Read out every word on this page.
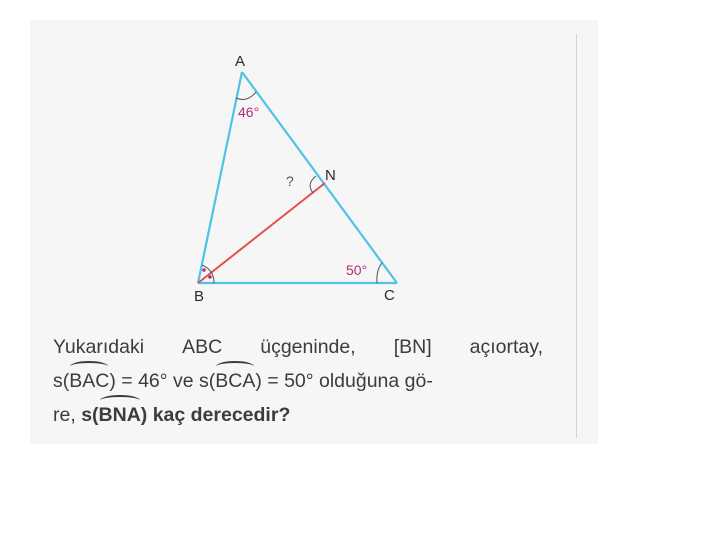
A
B	C
N
46°
50°
?
Yukarıdaki ABC üçgeninde, [BN] açıortay,
s(BAC) = 46° ve s(BCA) = 50° olduğuna gö-
re, s(BNA) kaç derecedir?
